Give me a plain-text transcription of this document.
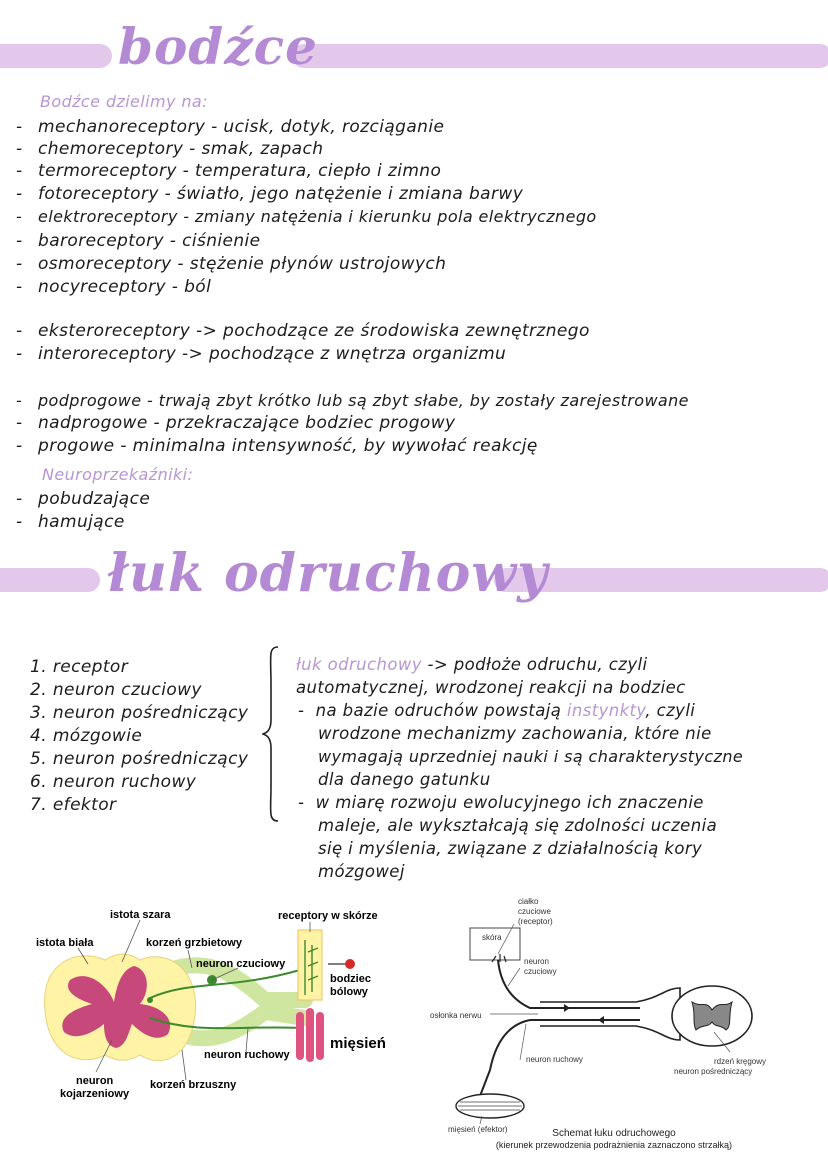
bodźce
Bodźce dzielimy na:
- mechanoreceptory - ucisk, dotyk, rozciąganie
- chemoreceptory - smak, zapach
- termoreceptory - temperatura, ciepło i zimno
- fotoreceptory - światło, jego natężenie i zmiana barwy
- elektroreceptory - zmiany natężenia i kierunku pola elektrycznego
- baroreceptory - ciśnienie
- osmoreceptory - stężenie płynów ustrojowych
- nocyreceptory - ból
- eksteroreceptory -> pochodzące ze środowiska zewnętrznego
- interoreceptory -> pochodzące z wnętrza organizmu
- podprogowe - trwają zbyt krótko lub są zbyt słabe, by zostały zarejestrowane
- nadprogowe - przekraczające bodziec progowy
- progowe - minimalna intensywność, by wywołać reakcję
Neuroprzekaźniki:
- pobudzające
- hamujące
łuk odruchowy
1. receptor
2. neuron czuciowy
3. neuron pośredniczący
4. mózgowie
5. neuron pośredniczący
6. neuron ruchowy
7. efektor
łuk odruchowy -> podłoże odruchu, czyli
automatycznej, wrodzonej reakcji na bodziec
-  na bazie odruchów powstają instynkty, czyli
wrodzone mechanizmy zachowania, które nie
wymagają uprzedniej nauki i są charakterystyczne
dla danego gatunku
-  w miarę rozwoju ewolucyjnego ich znaczenie
maleje, ale wykształcają się zdolności uczenia
się i myślenia, związane z działalnością kory
mózgowej
istota szara
istota biała	korzeń grzbietowy
receptory w skórze
neuron czuciowy
bodziec
bólowy
mięsień
neuron ruchowy
neuron
kojarzeniowy
korzeń brzuszny
ciałko
czuciowe
(receptor)
skóra
neuron
czuciowy
osłonka nerwu
neuron ruchowy	rdzeń kręgowy
neuron pośredniczący
mięsień (efektor)	Schemat łuku odruchowego
(kierunek przewodzenia podrażnienia zaznaczono strzałką)
